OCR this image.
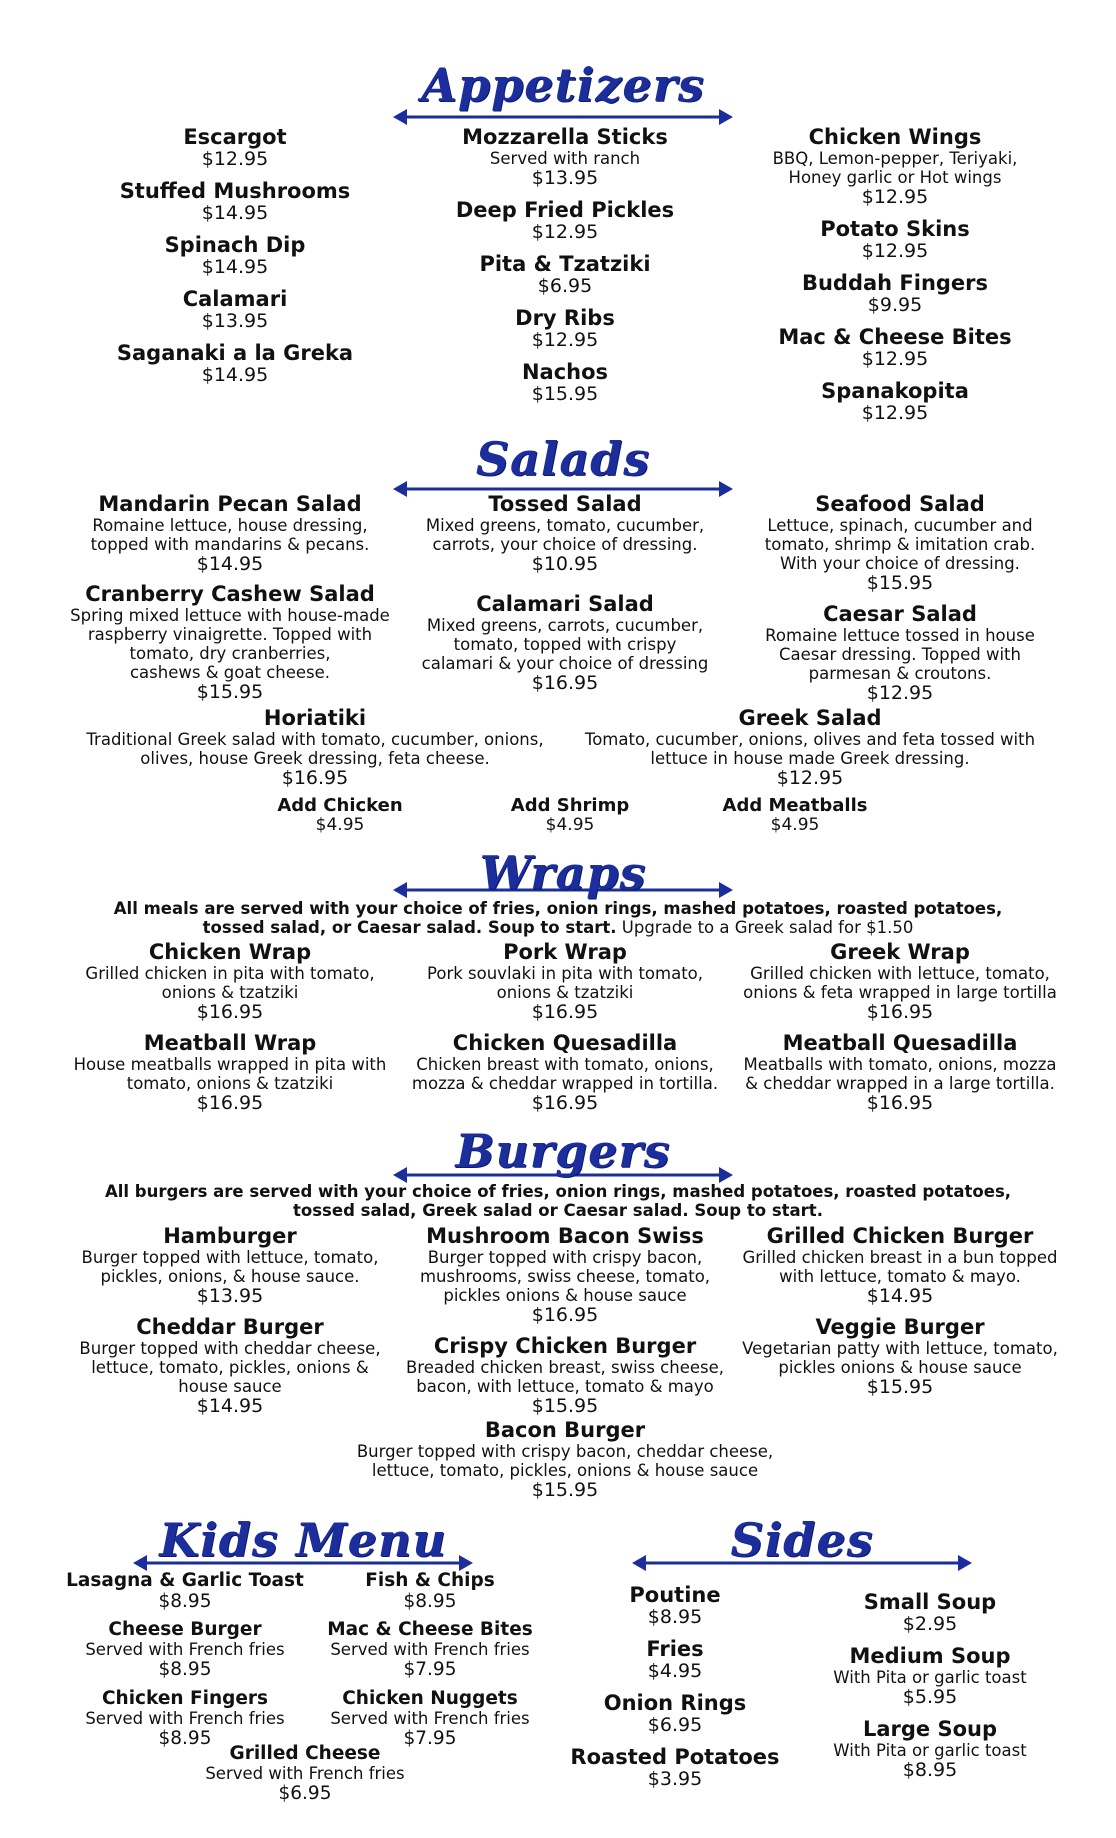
Appetizers
Escargot
$12.95
Stuffed Mushrooms
$14.95
Spinach Dip
$14.95
Calamari
$13.95
Saganaki a la Greka
$14.95
Mozzarella Sticks
Served with ranch
$13.95
Deep Fried Pickles
$12.95
Pita & Tzatziki
$6.95
Dry Ribs
$12.95
Nachos
$15.95
Chicken Wings
BBQ, Lemon-pepper, Teriyaki,
Honey garlic or Hot wings
$12.95
Potato Skins
$12.95
Buddah Fingers
$9.95
Mac & Cheese Bites
$12.95
Spanakopita
$12.95
Salads
Mandarin Pecan Salad
Romaine lettuce, house dressing,
topped with mandarins & pecans.
$14.95
Cranberry Cashew Salad
Spring mixed lettuce with house-made
raspberry vinaigrette. Topped with
tomato, dry cranberries,
cashews & goat cheese.
$15.95
Tossed Salad
Mixed greens, tomato, cucumber,
carrots, your choice of dressing.
$10.95
Calamari Salad
Mixed greens, carrots, cucumber,
tomato, topped with crispy
calamari & your choice of dressing
$16.95
Seafood Salad
Lettuce, spinach, cucumber and
tomato, shrimp & imitation crab.
With your choice of dressing.
$15.95
Caesar Salad
Romaine lettuce tossed in house
Caesar dressing. Topped with
parmesan & croutons.
$12.95
Horiatiki
Traditional Greek salad with tomato, cucumber, onions,
olives, house Greek dressing, feta cheese.
$16.95
Greek Salad
Tomato, cucumber, onions, olives and feta tossed with
lettuce in house made Greek dressing.
$12.95
Add Chicken
$4.95
Add Shrimp
$4.95
Add Meatballs
$4.95
Wraps
All meals are served with your choice of fries, onion rings, mashed potatoes, roasted potatoes,
tossed salad, or Caesar salad. Soup to start. Upgrade to a Greek salad for $1.50
Chicken Wrap
Grilled chicken in pita with tomato,
onions & tzatziki
$16.95
Pork Wrap
Pork souvlaki in pita with tomato,
onions & tzatziki
$16.95
Greek Wrap
Grilled chicken with lettuce, tomato,
onions & feta wrapped in large tortilla
$16.95
Meatball Wrap
House meatballs wrapped in pita with
tomato, onions & tzatziki
$16.95
Chicken Quesadilla
Chicken breast with tomato, onions,
mozza & cheddar wrapped in tortilla.
$16.95
Meatball Quesadilla
Meatballs with tomato, onions, mozza
& cheddar wrapped in a large tortilla.
$16.95
Burgers
All burgers are served with your choice of fries, onion rings, mashed potatoes, roasted potatoes,
tossed salad, Greek salad or Caesar salad. Soup to start.
Hamburger
Burger topped with lettuce, tomato,
pickles, onions, & house sauce.
$13.95
Cheddar Burger
Burger topped with cheddar cheese,
lettuce, tomato, pickles, onions &
house sauce
$14.95
Mushroom Bacon Swiss
Burger topped with crispy bacon,
mushrooms, swiss cheese, tomato,
pickles onions & house sauce
$16.95
Crispy Chicken Burger
Breaded chicken breast, swiss cheese,
bacon, with lettuce, tomato & mayo
$15.95
Grilled Chicken Burger
Grilled chicken breast in a bun topped
with lettuce, tomato & mayo.
$14.95
Veggie Burger
Vegetarian patty with lettuce, tomato,
pickles onions & house sauce
$15.95
Bacon Burger
Burger topped with crispy bacon, cheddar cheese,
lettuce, tomato, pickles, onions & house sauce
$15.95
Kids Menu
Lasagna & Garlic Toast
$8.95
Fish & Chips
$8.95
Cheese Burger
Served with French fries
$8.95
Mac & Cheese Bites
Served with French fries
$7.95
Chicken Fingers
Served with French fries
$8.95
Chicken Nuggets
Served with French fries
$7.95
Grilled Cheese
Served with French fries
$6.95
Sides
Poutine
$8.95
Fries
$4.95
Onion Rings
$6.95
Roasted Potatoes
$3.95
Small Soup
$2.95
Medium Soup
With Pita or garlic toast
$5.95
Large Soup
With Pita or garlic toast
$8.95
